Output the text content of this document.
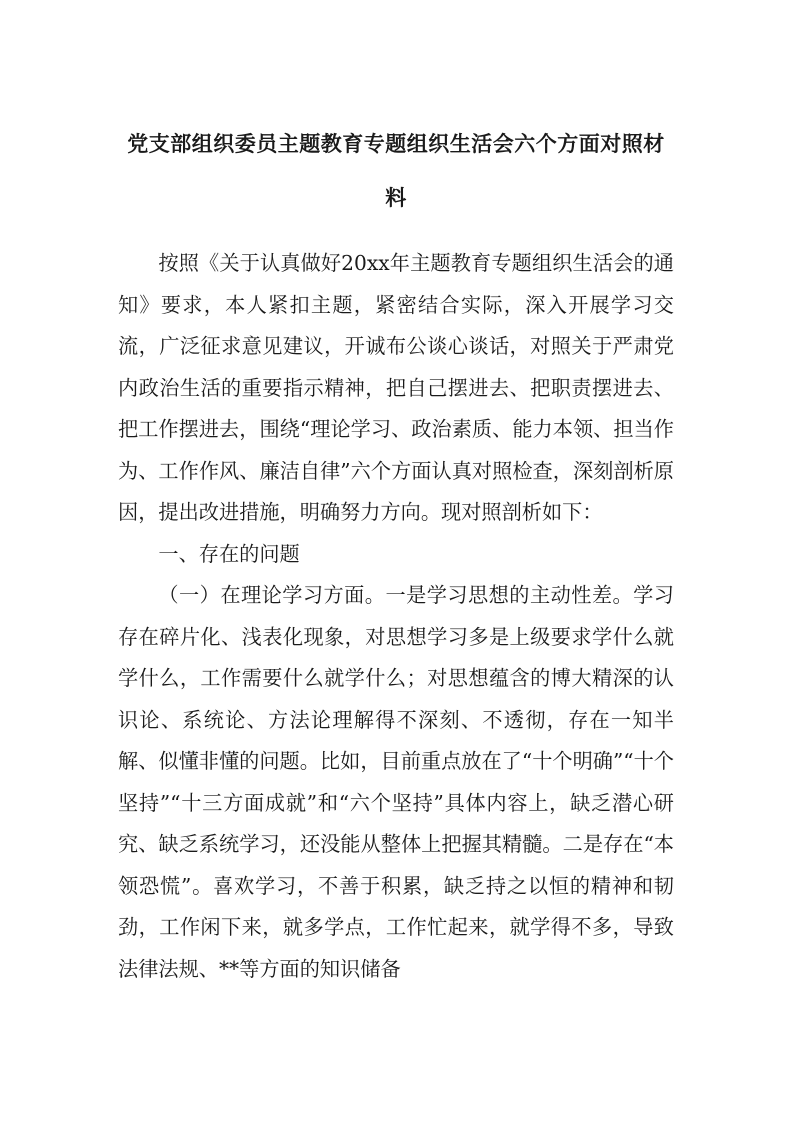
党支部组织委员主题教育专题组织生活会六个方面对照材
料

按照《关于认真做好20xx年主题教育专题组织生活会的通知》要求，本人紧扣主题，紧密结合实际，深入开展学习交流，广泛征求意见建议，开诚布公谈心谈话，对照关于严肃党内政治生活的重要指示精神，把自己摆进去、把职责摆进去、把工作摆进去，围绕“理论学习、政治素质、能力本领、担当作为、工作作风、廉洁自律”六个方面认真对照检查，深刻剖析原因，提出改进措施，明确努力方向。现对照剖析如下：

一、存在的问题

（一）在理论学习方面。一是学习思想的主动性差。学习存在碎片化、浅表化现象，对思想学习多是上级要求学什么就学什么，工作需要什么就学什么；对思想蕴含的博大精深的认识论、系统论、方法论理解得不深刻、不透彻，存在一知半解、似懂非懂的问题。比如，目前重点放在了“十个明确”“十个坚持”“十三方面成就”和“六个坚持”具体内容上，缺乏潜心研究、缺乏系统学习，还没能从整体上把握其精髓。二是存在“本领恐慌”。喜欢学习，不善于积累，缺乏持之以恒的精神和韧劲，工作闲下来，就多学点，工作忙起来，就学得不多，导致法律法规、**等方面的知识储备
